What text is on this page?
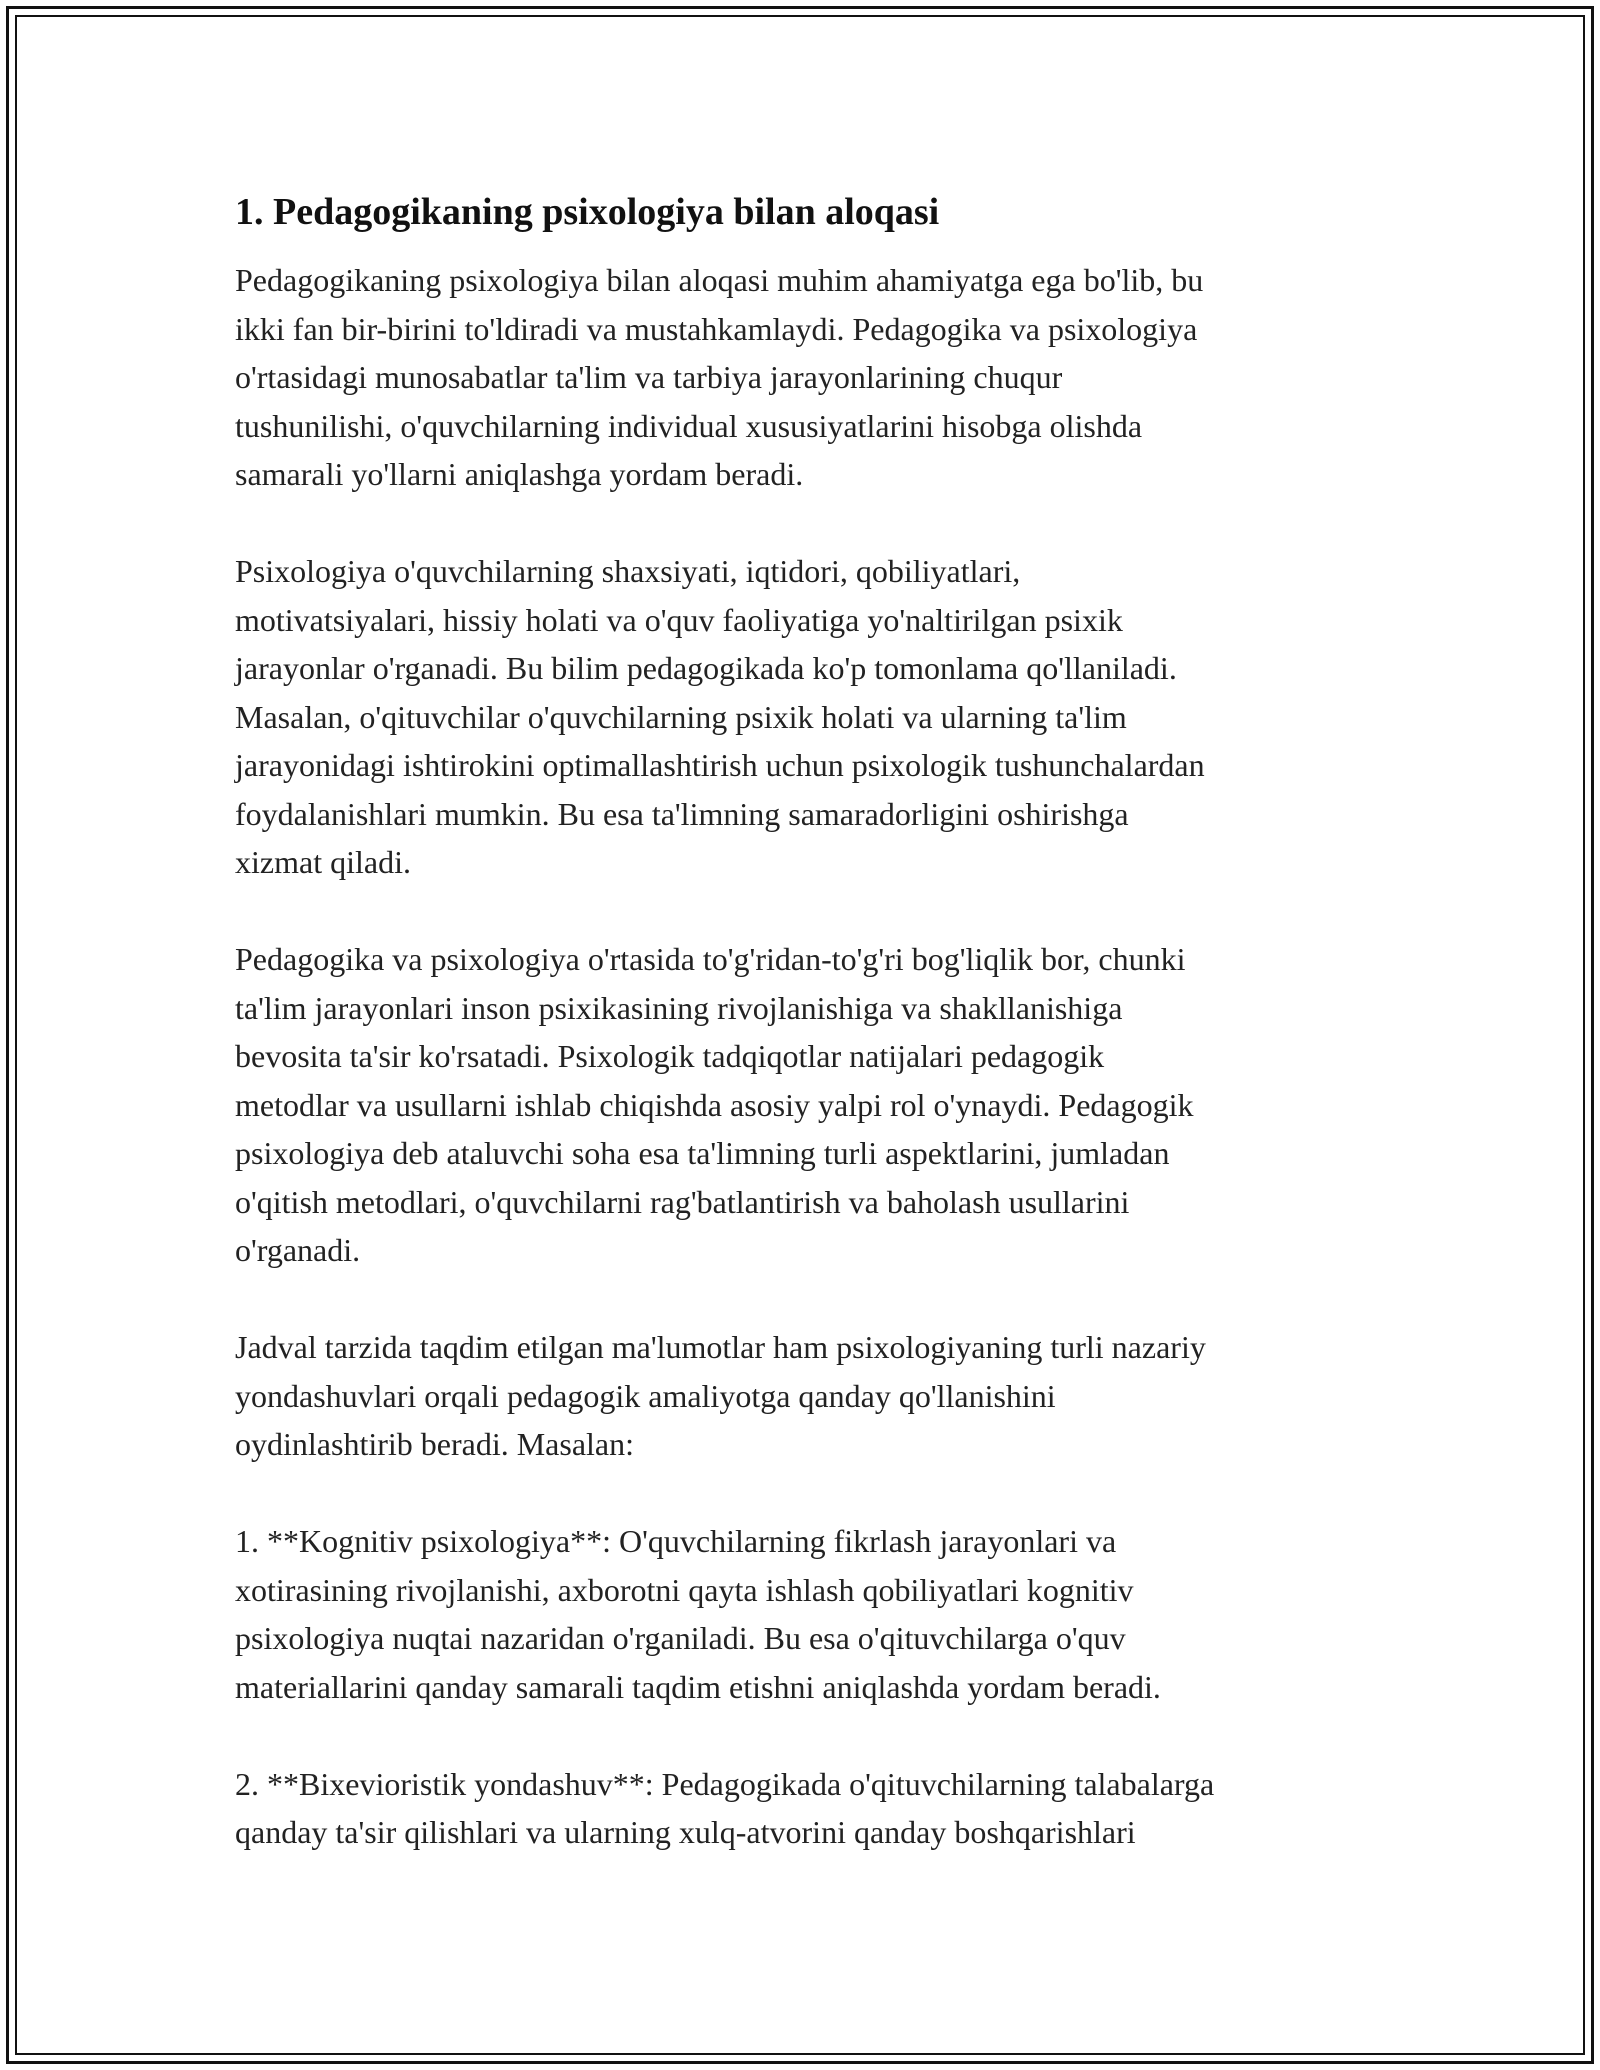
1. Pedagogikaning psixologiya bilan aloqasi

Pedagogikaning psixologiya bilan aloqasi muhim ahamiyatga ega bo'lib, bu
ikki fan bir-birini to'ldiradi va mustahkamlaydi. Pedagogika va psixologiya
o'rtasidagi munosabatlar ta'lim va tarbiya jarayonlarining chuqur
tushunilishi, o'quvchilarning individual xususiyatlarini hisobga olishda
samarali yo'llarni aniqlashga yordam beradi.

Psixologiya o'quvchilarning shaxsiyati, iqtidori, qobiliyatlari,
motivatsiyalari, hissiy holati va o'quv faoliyatiga yo'naltirilgan psixik
jarayonlar o'rganadi. Bu bilim pedagogikada ko'p tomonlama qo'llaniladi.
Masalan, o'qituvchilar o'quvchilarning psixik holati va ularning ta'lim
jarayonidagi ishtirokini optimallashtirish uchun psixologik tushunchalardan
foydalanishlari mumkin. Bu esa ta'limning samaradorligini oshirishga
xizmat qiladi.

Pedagogika va psixologiya o'rtasida to'g'ridan-to'g'ri bog'liqlik bor, chunki
ta'lim jarayonlari inson psixikasining rivojlanishiga va shakllanishiga
bevosita ta'sir ko'rsatadi. Psixologik tadqiqotlar natijalari pedagogik
metodlar va usullarni ishlab chiqishda asosiy yalpi rol o'ynaydi. Pedagogik
psixologiya deb ataluvchi soha esa ta'limning turli aspektlarini, jumladan
o'qitish metodlari, o'quvchilarni rag'batlantirish va baholash usullarini
o'rganadi.

Jadval tarzida taqdim etilgan ma'lumotlar ham psixologiyaning turli nazariy
yondashuvlari orqali pedagogik amaliyotga qanday qo'llanishini
oydinlashtirib beradi. Masalan:

1. **Kognitiv psixologiya**: O'quvchilarning fikrlash jarayonlari va
xotirasining rivojlanishi, axborotni qayta ishlash qobiliyatlari kognitiv
psixologiya nuqtai nazaridan o'rganiladi. Bu esa o'qituvchilarga o'quv
materiallarini qanday samarali taqdim etishni aniqlashda yordam beradi.

2. **Bixevioristik yondashuv**: Pedagogikada o'qituvchilarning talabalarga
qanday ta'sir qilishlari va ularning xulq-atvorini qanday boshqarishlari
